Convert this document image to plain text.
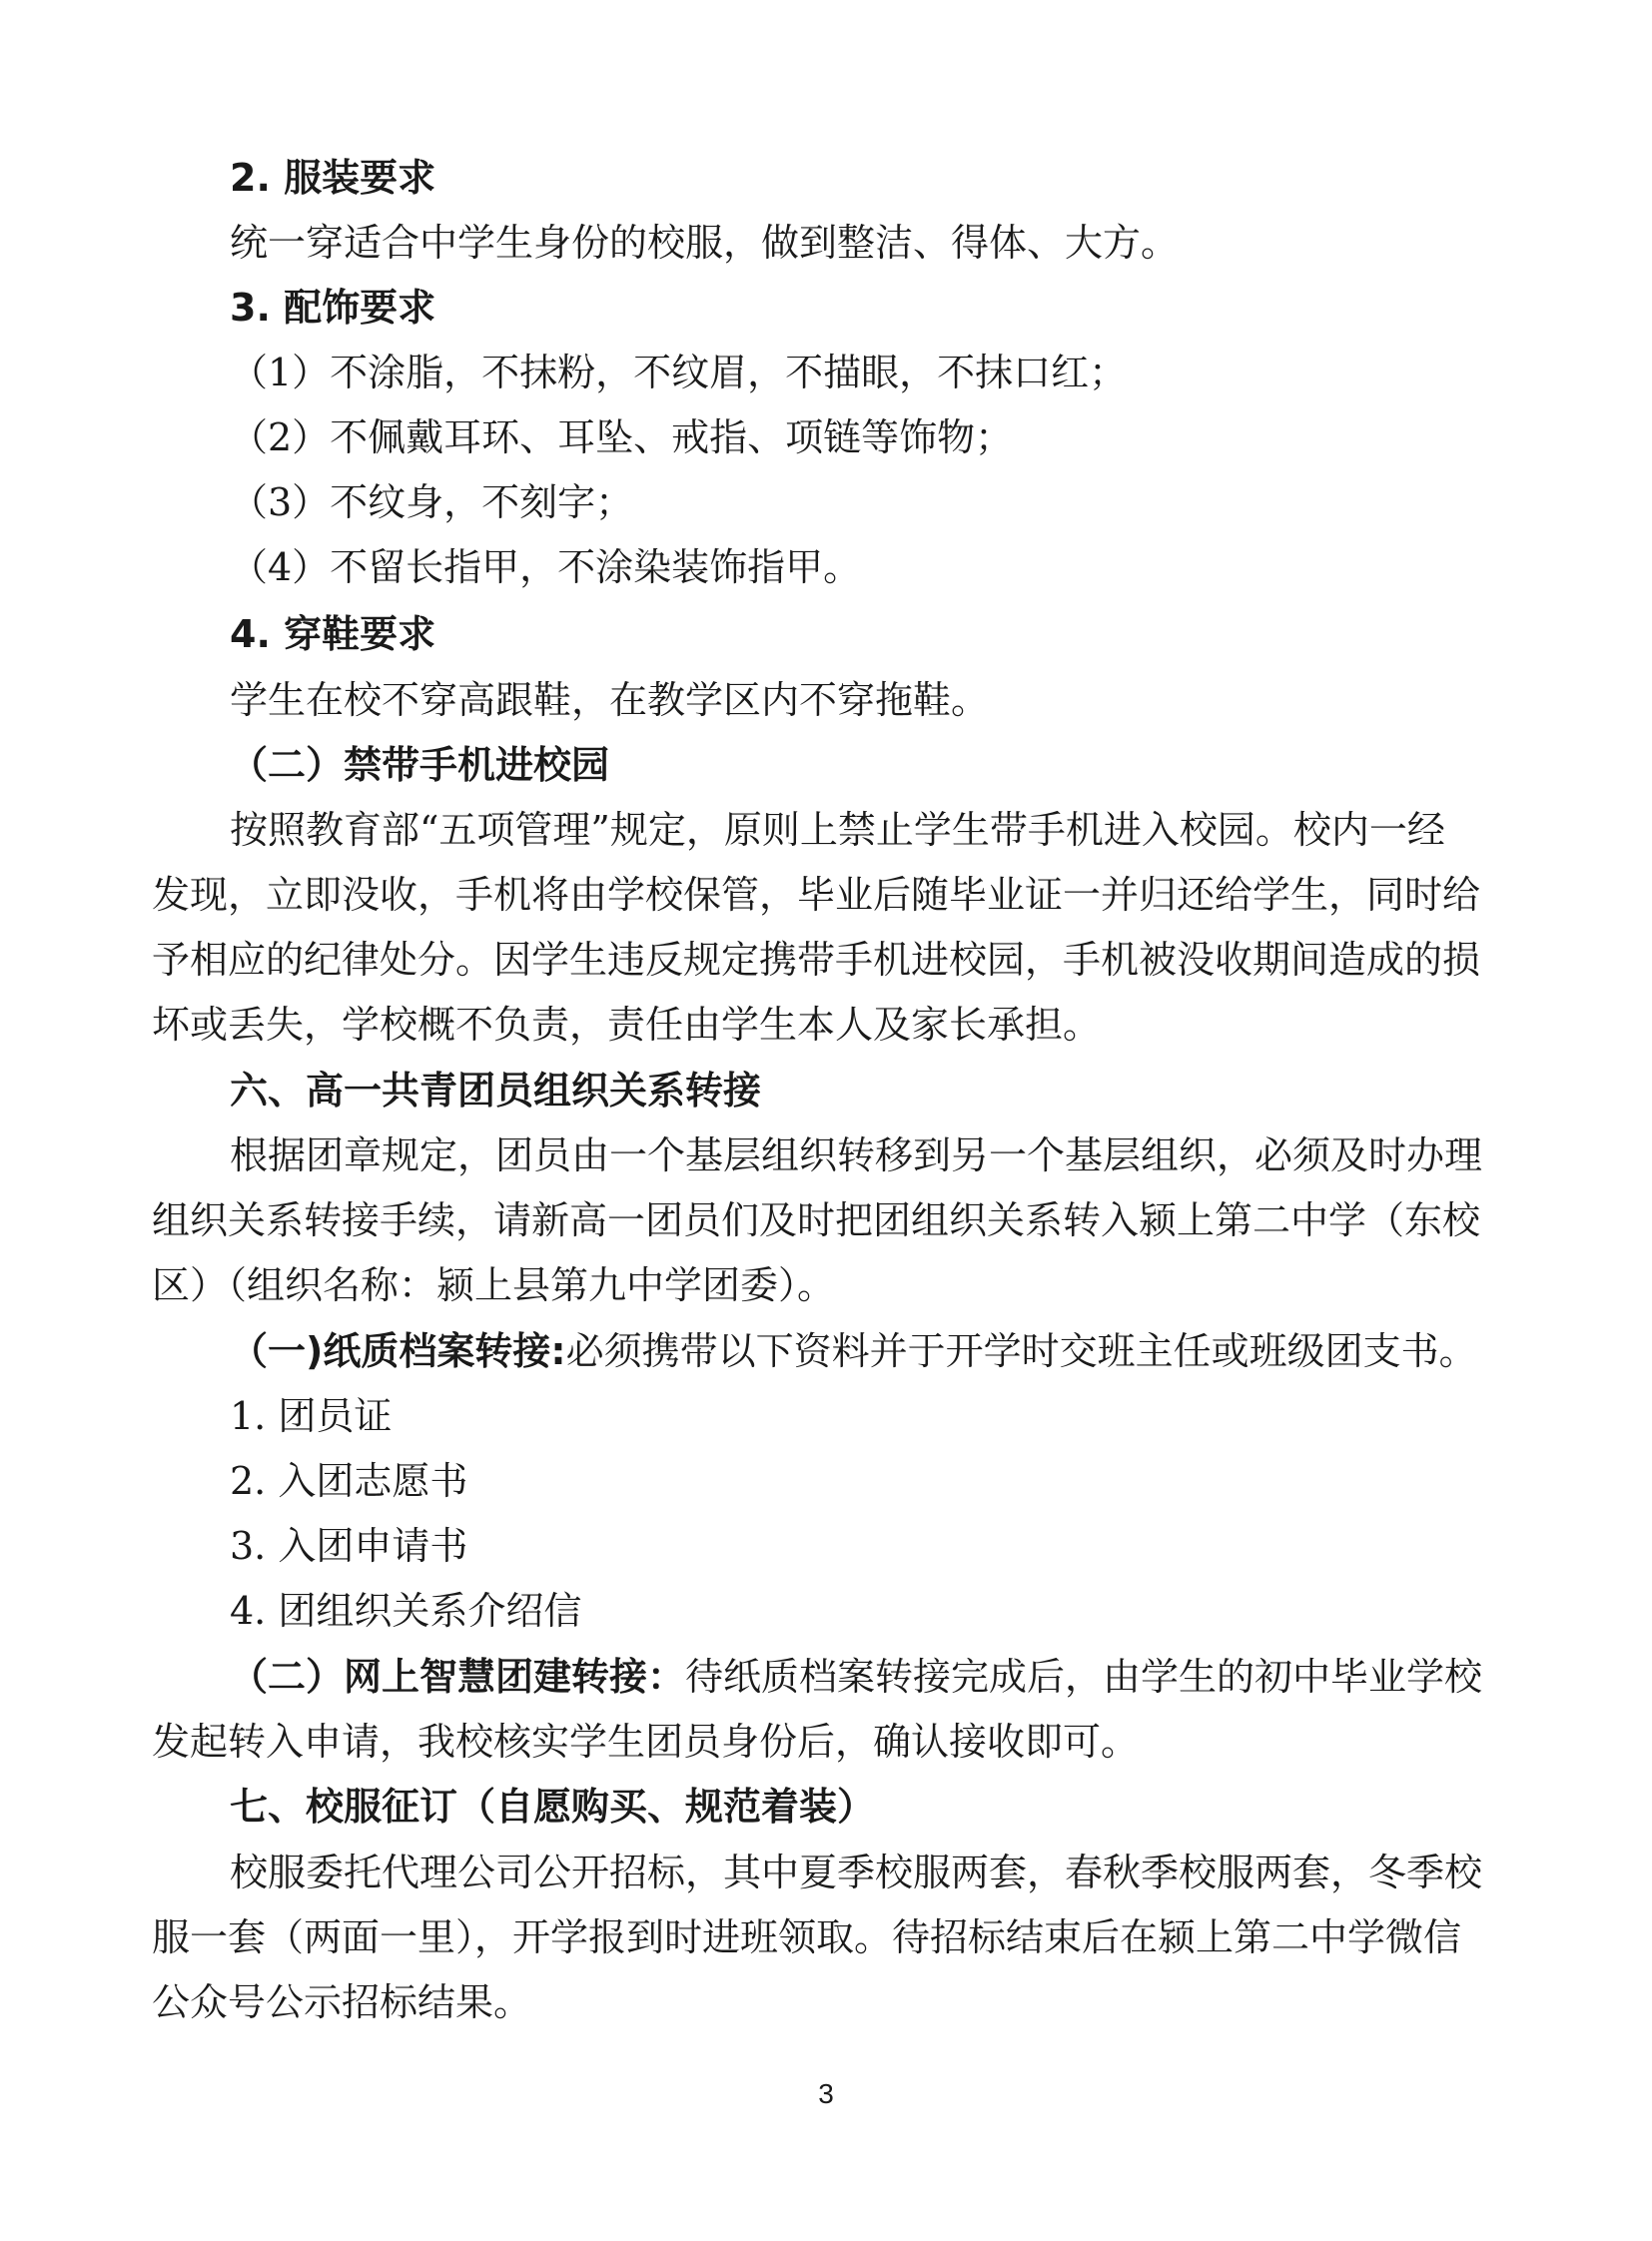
2. 服装要求
统一穿适合中学生身份的校服，做到整洁、得体、大方。
3. 配饰要求
（1）不涂脂，不抹粉，不纹眉，不描眼，不抹口红；
（2）不佩戴耳环、耳坠、戒指、项链等饰物；
（3）不纹身，不刻字；
（4）不留长指甲，不涂染装饰指甲。
4. 穿鞋要求
学生在校不穿高跟鞋，在教学区内不穿拖鞋。
（二）禁带手机进校园
按照教育部“五项管理”规定，原则上禁止学生带手机进入校园。校内一经
发现，立即没收，手机将由学校保管，毕业后随毕业证一并归还给学生，同时给
予相应的纪律处分。因学生违反规定携带手机进校园，手机被没收期间造成的损
坏或丢失，学校概不负责，责任由学生本人及家长承担。
六、高一共青团员组织关系转接
根据团章规定，团员由一个基层组织转移到另一个基层组织，必须及时办理
组织关系转接手续，请新高一团员们及时把团组织关系转入颍上第二中学（东校
区）（组织名称：颍上县第九中学团委）。
（一)纸质档案转接:必须携带以下资料并于开学时交班主任或班级团支书。
1. 团员证
2. 入团志愿书
3. 入团申请书
4. 团组织关系介绍信
（二）网上智慧团建转接：待纸质档案转接完成后，由学生的初中毕业学校
发起转入申请，我校核实学生团员身份后，确认接收即可。
七、校服征订（自愿购买、规范着装）
校服委托代理公司公开招标，其中夏季校服两套，春秋季校服两套，冬季校
服一套（两面一里），开学报到时进班领取。待招标结束后在颍上第二中学微信
公众号公示招标结果。
3
